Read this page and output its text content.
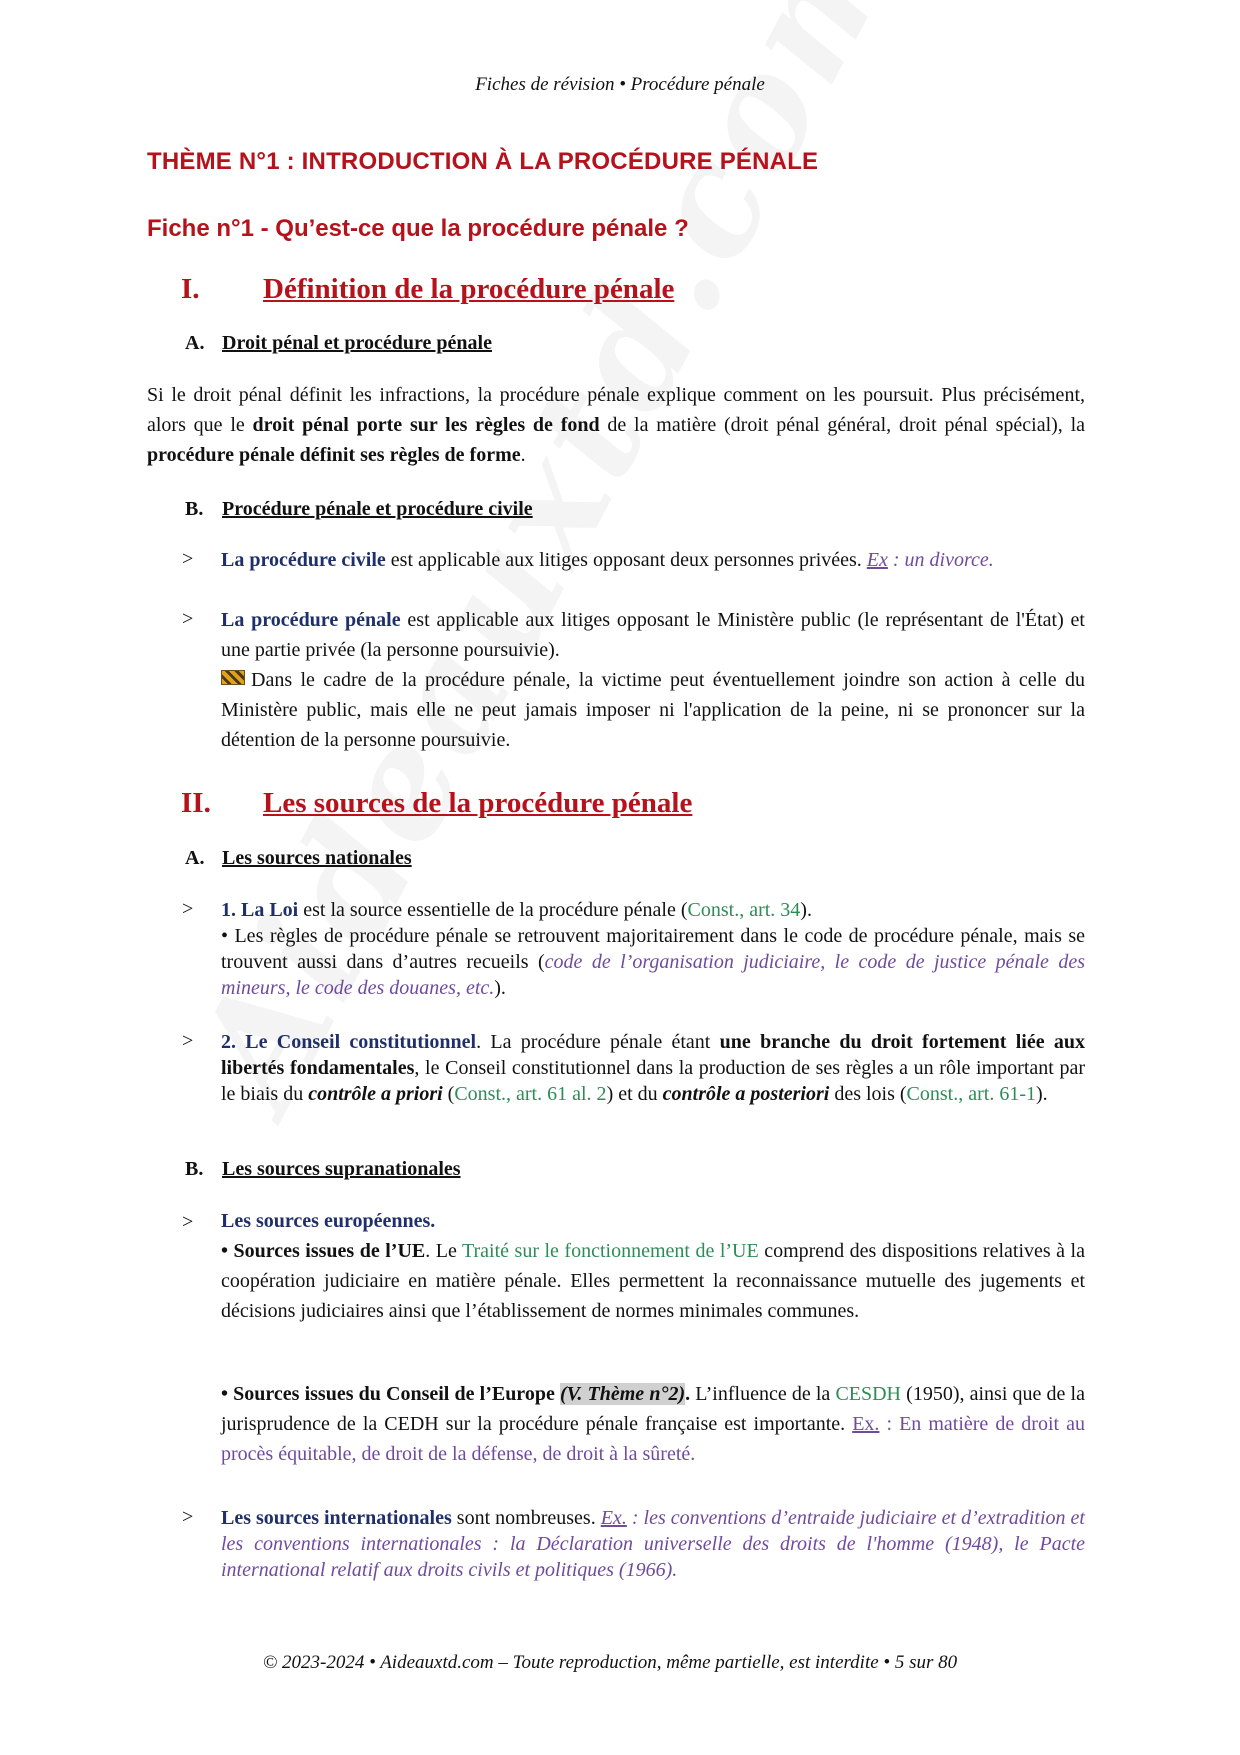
Fiches de révision • Procédure pénale
THÈME N°1 : INTRODUCTION À LA PROCÉDURE PÉNALE
Fiche n°1 - Qu’est-ce que la procédure pénale ?
I. Définition de la procédure pénale
A. Droit pénal et procédure pénale
Si le droit pénal définit les infractions, la procédure pénale explique comment on les poursuit. Plus précisément, alors que le droit pénal porte sur les règles de fond de la matière (droit pénal général, droit pénal spécial), la procédure pénale définit ses règles de forme.
B. Procédure pénale et procédure civile
> La procédure civile est applicable aux litiges opposant deux personnes privées. Ex : un divorce.
> La procédure pénale est applicable aux litiges opposant le Ministère public (le représentant de l'État) et une partie privée (la personne poursuivie).
Dans le cadre de la procédure pénale, la victime peut éventuellement joindre son action à celle du Ministère public, mais elle ne peut jamais imposer ni l'application de la peine, ni se prononcer sur la détention de la personne poursuivie.
II. Les sources de la procédure pénale
A. Les sources nationales
> 1. La Loi est la source essentielle de la procédure pénale (Const., art. 34).
• Les règles de procédure pénale se retrouvent majoritairement dans le code de procédure pénale, mais se trouvent aussi dans d’autres recueils (code de l’organisation judiciaire, le code de justice pénale des mineurs, le code des douanes, etc.).
> 2. Le Conseil constitutionnel. La procédure pénale étant une branche du droit fortement liée aux libertés fondamentales, le Conseil constitutionnel dans la production de ses règles a un rôle important par le biais du contrôle a priori (Const., art. 61 al. 2) et du contrôle a posteriori des lois (Const., art. 61-1).
B. Les sources supranationales
> Les sources européennes.
• Sources issues de l’UE. Le Traité sur le fonctionnement de l’UE comprend des dispositions relatives à la coopération judiciaire en matière pénale. Elles permettent la reconnaissance mutuelle des jugements et décisions judiciaires ainsi que l’établissement de normes minimales communes.
• Sources issues du Conseil de l’Europe (V. Thème n°2). L’influence de la CESDH (1950), ainsi que de la jurisprudence de la CEDH sur la procédure pénale française est importante. Ex. : En matière de droit au procès équitable, de droit de la défense, de droit à la sûreté.
> Les sources internationales sont nombreuses. Ex. : les conventions d’entraide judiciaire et d’extradition et les conventions internationales : la Déclaration universelle des droits de l'homme (1948), le Pacte international relatif aux droits civils et politiques (1966).
© 2023-2024 • Aideauxtd.com – Toute reproduction, même partielle, est interdite • 5 sur 80
